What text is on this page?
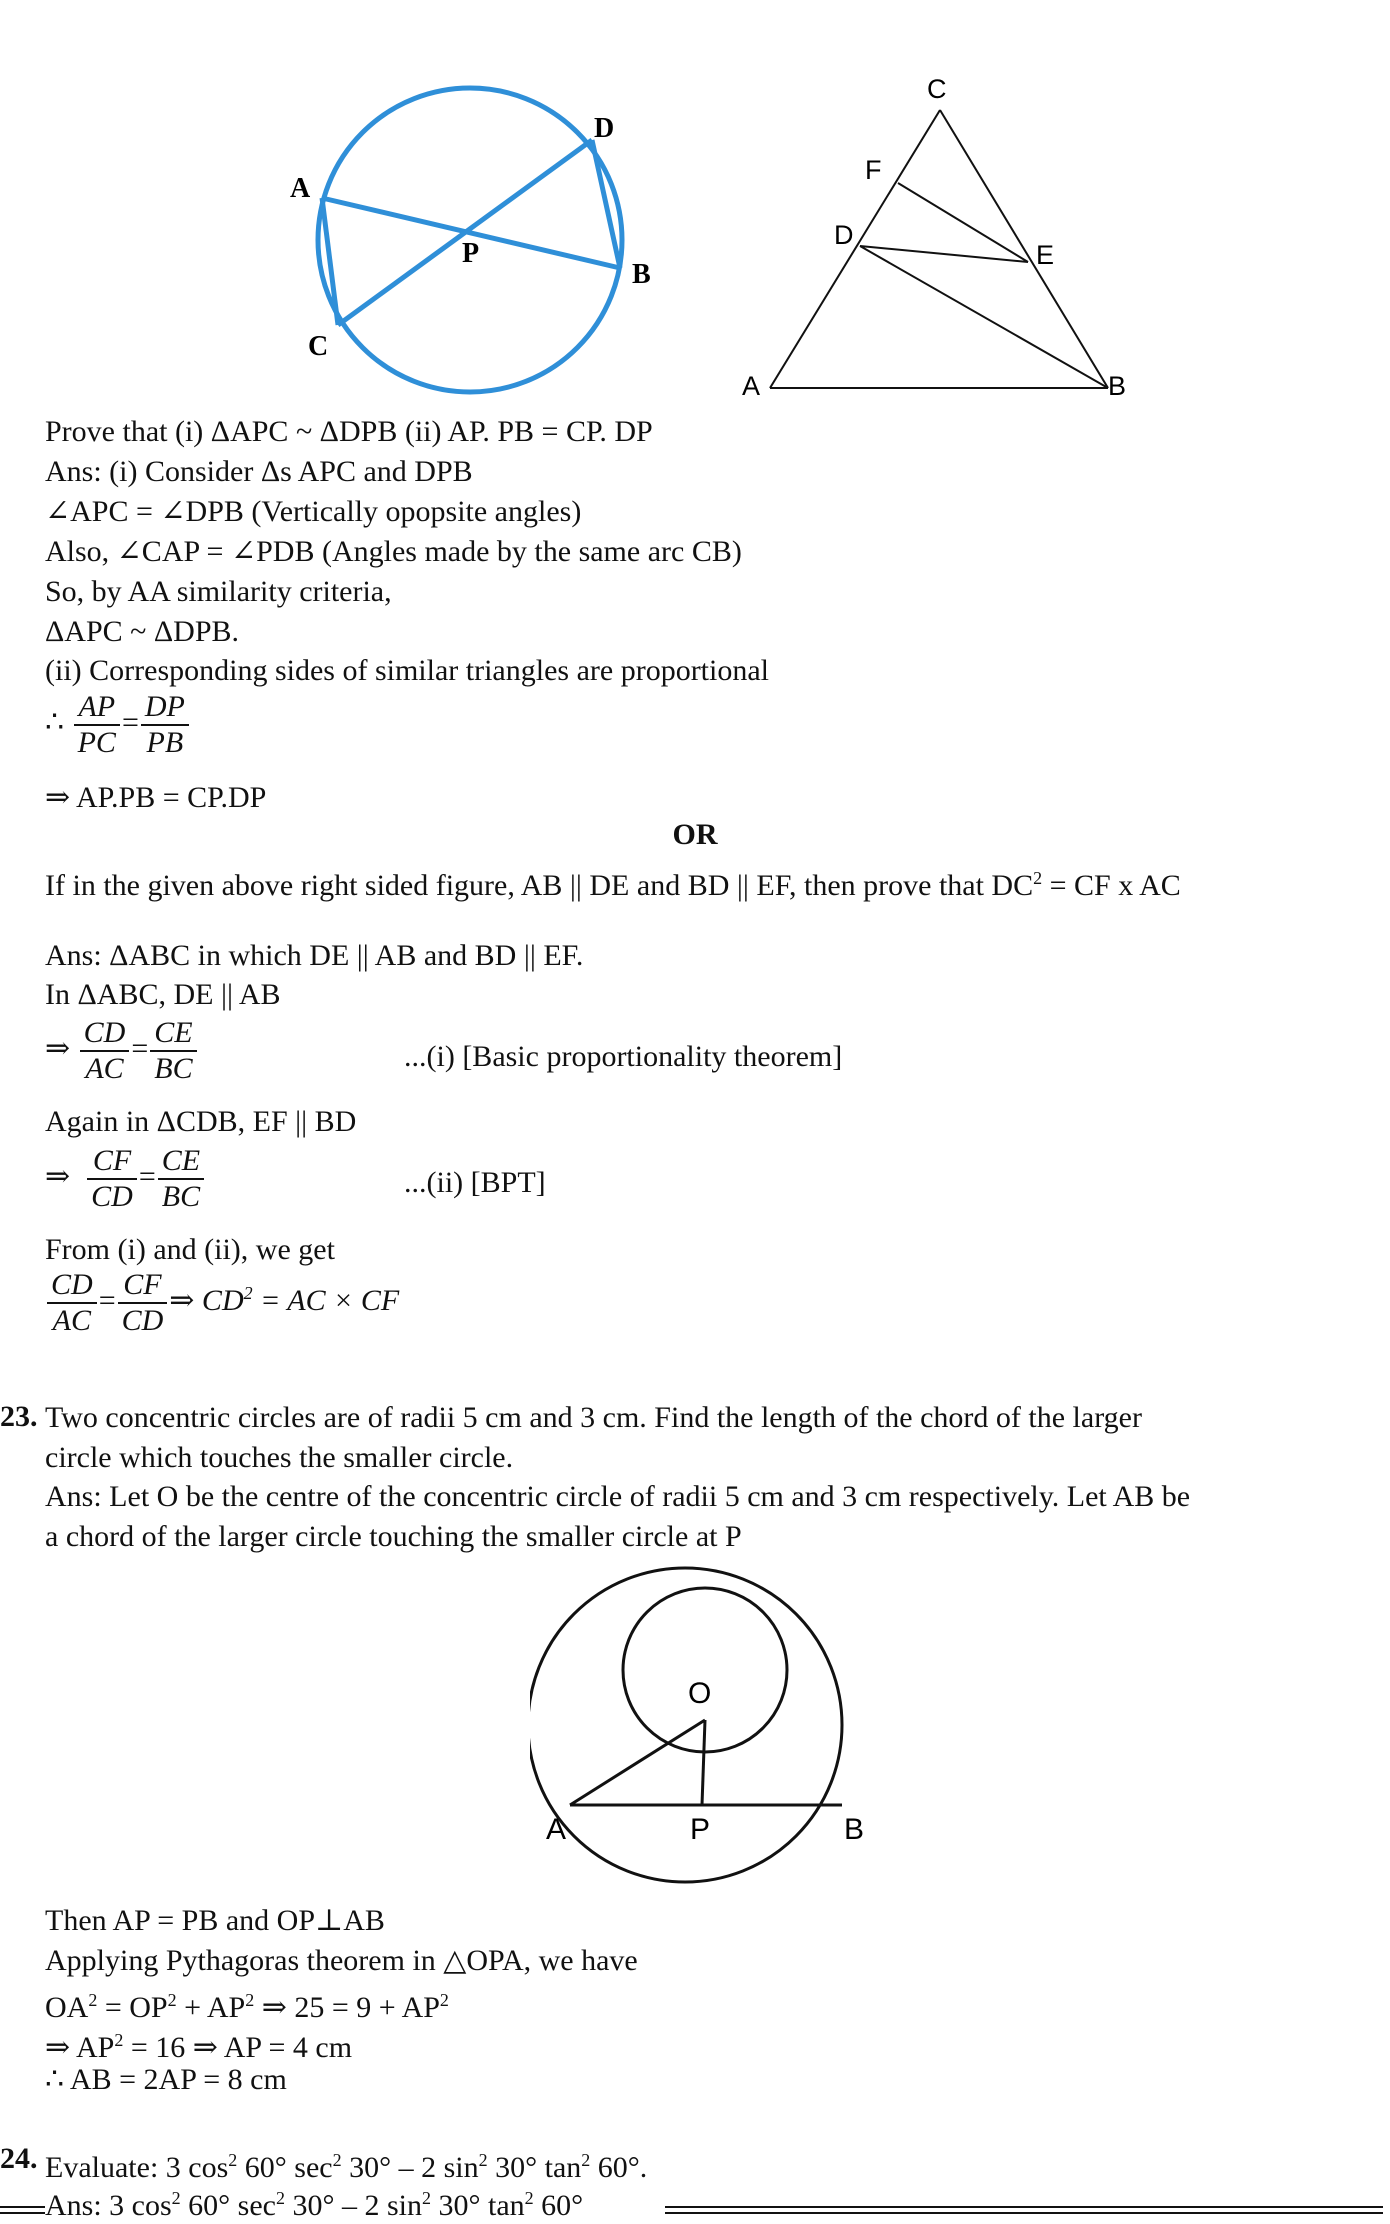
A
D
P
B
C
C
F
D
E
A	B
Prove that (i) ΔAPC ~ ΔDPB (ii) AP. PB = CP. DP
Ans: (i) Consider Δs APC and DPB
∠APC = ∠DPB (Vertically opopsite angles)
Also, ∠CAP = ∠PDB (Angles made by the same arc CB)
So, by AA similarity criteria,
ΔAPC ~ ΔDPB.
(ii) Corresponding sides of similar triangles are proportional
∴ $\frac{AP}{PC} = \frac{DP}{PB}$
⇒ AP.PB = CP.DP
OR
If in the given above right sided figure, AB || DE and BD || EF, then prove that $DC^2$ = CF x AC
Ans: ΔABC in which DE || AB and BD || EF.
In ΔABC, DE || AB
⇒ $\frac{CD}{AC} = \frac{CE}{BC}$	...(i) [Basic proportionality theorem]
Again in ΔCDB, EF || BD
⇒ $\frac{CF}{CD} = \frac{CE}{BC}$	...(ii) [BPT]
From (i) and (ii), we get
$\frac{CD}{AC} = \frac{CF}{CD}$ ⇒ $CD^2$ = AC × CF
23. Two concentric circles are of radii 5 cm and 3 cm. Find the length of the chord of the larger
circle which touches the smaller circle.
Ans: Let O be the centre of the concentric circle of radii 5 cm and 3 cm respectively. Let AB be
a chord of the larger circle touching the smaller circle at P
O
A	P	B
Then AP = PB and OP⊥AB
Applying Pythagoras theorem in △OPA, we have
$OA^2 = OP^2 + AP^2$ ⇒ $25 = 9 + AP^2$
⇒ $AP^2 = 16$ ⇒ AP = 4 cm
∴ AB = 2AP = 8 cm
24. Evaluate: 3 $\cos^2 60^\circ$ $\sec^2 30^\circ - 2$ $\sin^2 30^\circ$ $\tan^2 60^\circ$.
Ans: 3 $\cos^2 60^\circ$ $\sec^2 30^\circ - 2$ $\sin^2 30^\circ$ $\tan^2 60^\circ$
